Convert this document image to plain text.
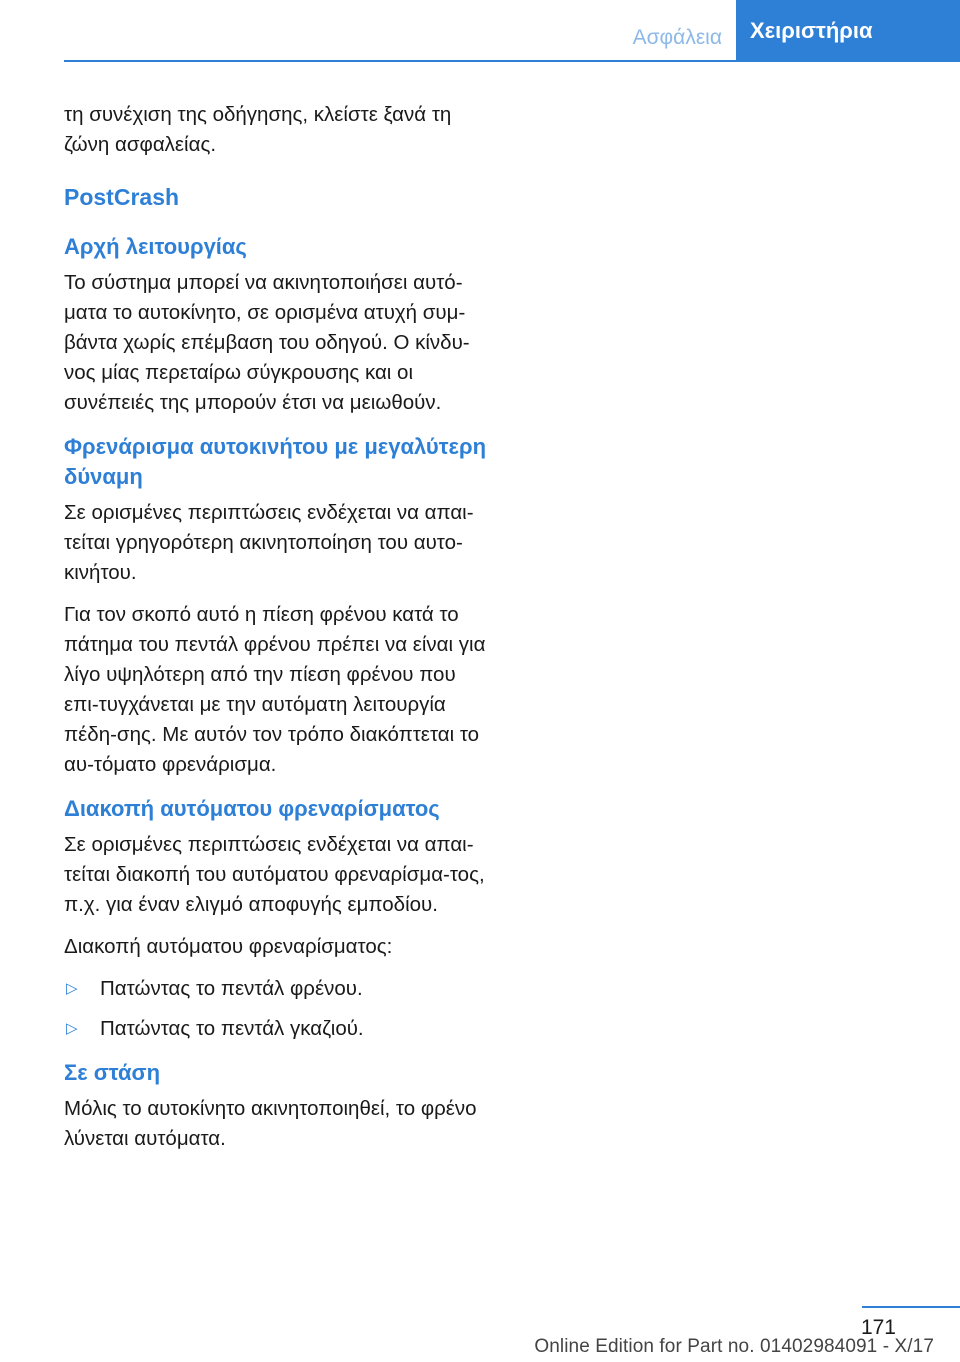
Ασφάλεια	Χειριστήρια

τη συνέχιση της οδήγησης, κλείστε ξανά τη ζώνη ασφαλείας.

PostCrash
Αρχή λειτουργίας

Το σύστημα μπορεί να ακινητοποιήσει αυτό-ματα το αυτοκίνητο, σε ορισμένα ατυχή συμ-βάντα χωρίς επέμβαση του οδηγού. Ο κίνδυ-νος μίας περεταίρω σύγκρουσης και οι συνέπειές της μπορούν έτσι να μειωθούν.

Φρενάρισμα αυτοκινήτου με μεγαλύτερη δύναμη

Σε ορισμένες περιπτώσεις ενδέχεται να απαι-τείται γρηγορότερη ακινητοποίηση του αυτο-κινήτου.

Για τον σκοπό αυτό η πίεση φρένου κατά το πάτημα του πεντάλ φρένου πρέπει να είναι για λίγο υψηλότερη από την πίεση φρένου που επι-τυγχάνεται με την αυτόματη λειτουργία πέδη-σης. Με αυτόν τον τρόπο διακόπτεται το αυ-τόματο φρενάρισμα.

Διακοπή αυτόματου φρεναρίσματος

Σε ορισμένες περιπτώσεις ενδέχεται να απαι-τείται διακοπή του αυτόματου φρεναρίσμα-τος, π.χ. για έναν ελιγμό αποφυγής εμποδίου.

Διακοπή αυτόματου φρεναρίσματος:

▷ Πατώντας το πεντάλ φρένου.
▷ Πατώντας το πεντάλ γκαζιού.
Σε στάση

Μόλις το αυτοκίνητο ακινητοποιηθεί, το φρένο λύνεται αυτόματα.

171
Online Edition for Part no. 01402984091 - X/17
